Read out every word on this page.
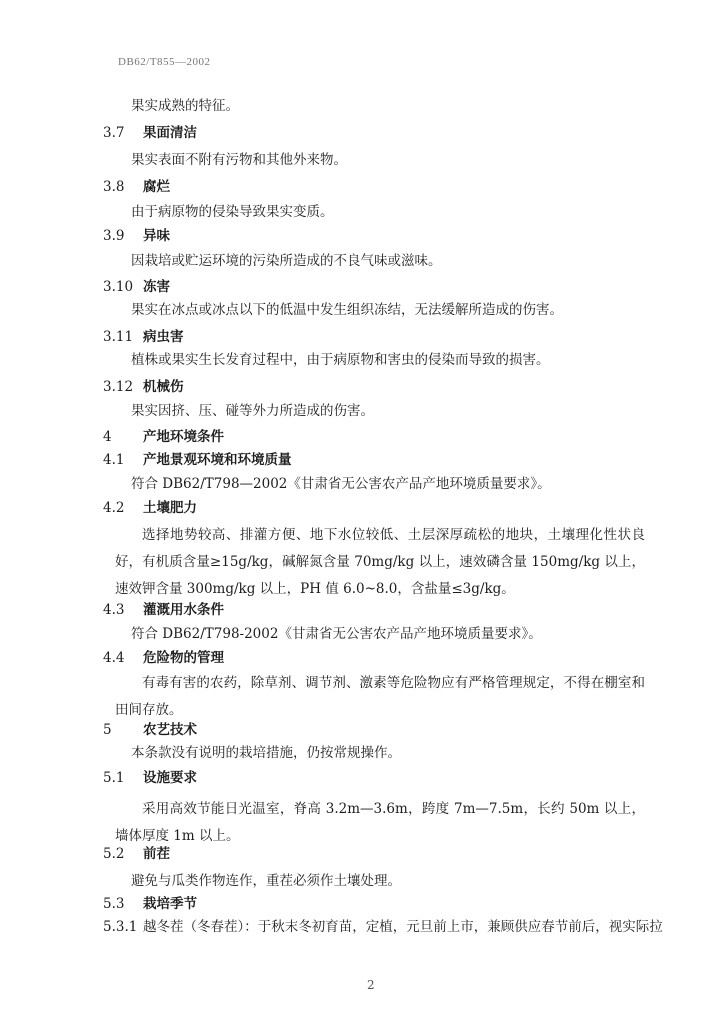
DB62/T855—2002
果实成熟的特征。
3.7 果面清洁
果实表面不附有污物和其他外来物。
3.8 腐烂
由于病原物的侵染导致果实变质。
3.9 异味
因栽培或贮运环境的污染所造成的不良气味或滋味。
3.10 冻害
果实在冰点或冰点以下的低温中发生组织冻结，无法缓解所造成的伤害。
3.11 病虫害
植株或果实生长发育过程中，由于病原物和害虫的侵染而导致的损害。
3.12 机械伤
果实因挤、压、碰等外力所造成的伤害。
4 产地环境条件
4.1 产地景观环境和环境质量
符合 DB62/T798—2002《甘肃省无公害农产品产地环境质量要求》。
4.2 土壤肥力
选择地势较高、排灌方便、地下水位较低、土层深厚疏松的地块，土壤理化性状良好，有机质含量≥15g/kg，碱解氮含量 70mg/kg 以上，速效磷含量 150mg/kg 以上，速效钾含量 300mg/kg 以上，PH 值 6.0~8.0，含盐量≤3g/kg。
4.3 灌溉用水条件
符合 DB62/T798-2002《甘肃省无公害农产品产地环境质量要求》。
4.4 危险物的管理
有毒有害的农药，除草剂、调节剂、激素等危险物应有严格管理规定，不得在棚室和田间存放。
5 农艺技术
本条款没有说明的栽培措施，仍按常规操作。
5.1 设施要求
采用高效节能日光温室，脊高 3.2m—3.6m，跨度 7m—7.5m，长约 50m 以上，墙体厚度 1m 以上。
5.2 前茬
避免与瓜类作物连作，重茬必须作土壤处理。
5.3 栽培季节
5.3.1 越冬茬（冬春茬）：于秋末冬初育苗，定植，元旦前上市，兼顾供应春节前后，视实际拉
2
